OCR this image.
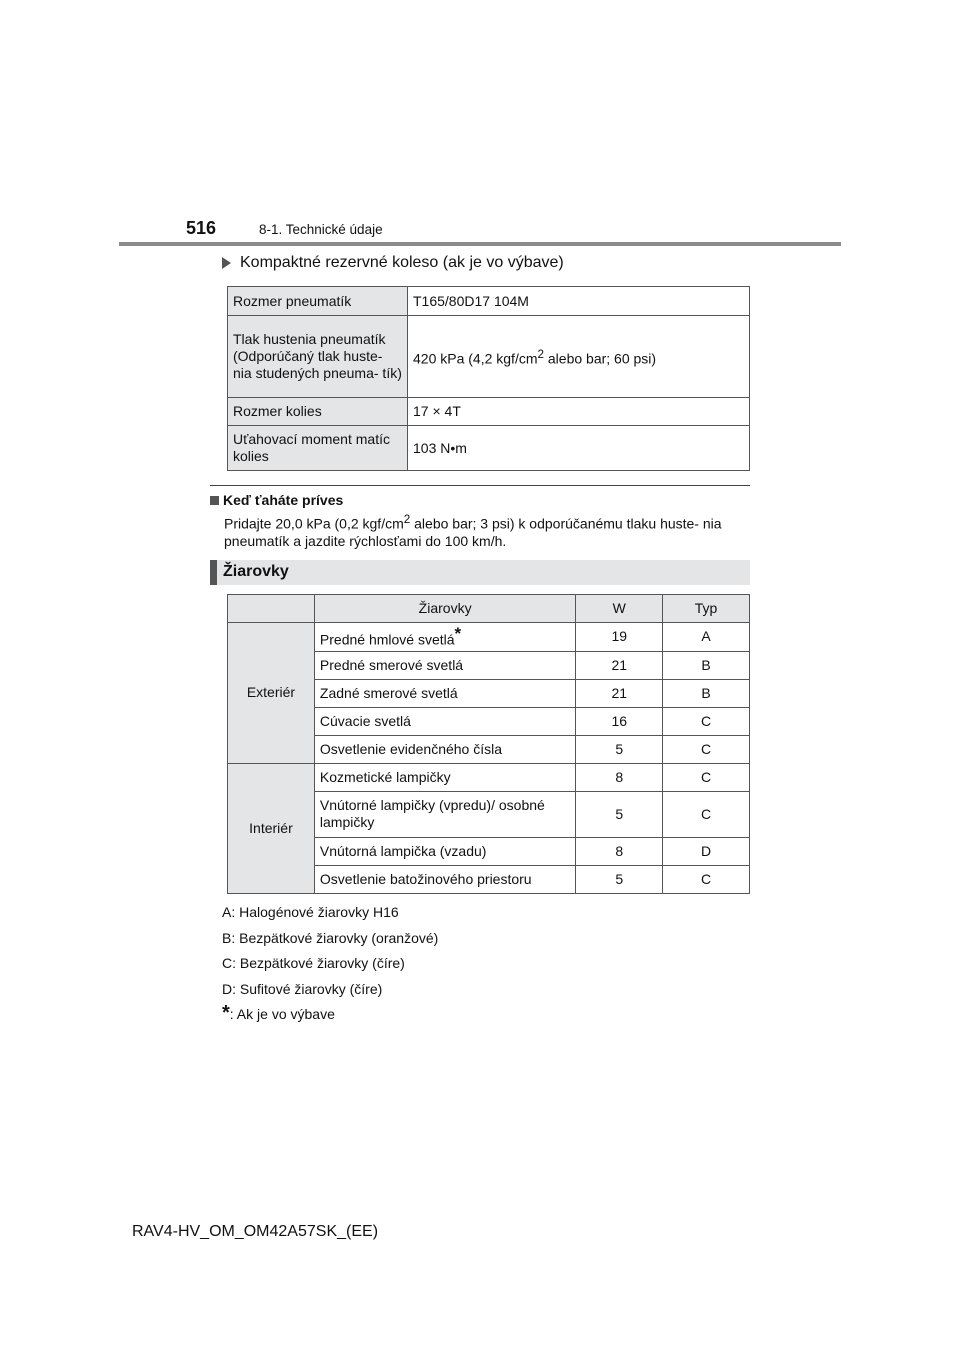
516	8-1. Technické údaje
Kompaktné rezervné koleso (ak je vo výbave)
Rozmer pneumatík	T165/80D17 104M
Tlak hustenia pneumatík (Odporúčaný tlak huste- nia studených pneuma- tík)	420 kPa (4,2 kgf/$cm^2$ alebo bar; 60 psi)
Rozmer kolies	17 × 4T
Uťahovací moment matíc kolies	103 N•m
Keď ťaháte príves
Pridajte 20,0 kPa (0,2 kgf/$cm^2$ alebo bar; 3 psi) k odporúčanému tlaku huste- nia pneumatík a jazdite rýchlosťami do 100 km/h.
Žiarovky
	Žiarovky	W	Typ
Exteriér	Predné hmlové svetlá*	19	A
	Predné smerové svetlá	21	B
	Zadné smerové svetlá	21	B
	Cúvacie svetlá	16	C
	Osvetlenie evidenčného čísla	5	C
Interiér	Kozmetické lampičky	8	C
	Vnútorné lampičky (vpredu)/ osobné lampičky	5	C
	Vnútorná lampička (vzadu)	8	D
	Osvetlenie batožinového priestoru	5	C
A: Halogénové žiarovky H16
B: Bezpätkové žiarovky (oranžové)
C: Bezpätkové žiarovky (číre)
D: Sufitové žiarovky (číre)
*: Ak je vo výbave
RAV4-HV_OM_OM42A57SK_(EE)
